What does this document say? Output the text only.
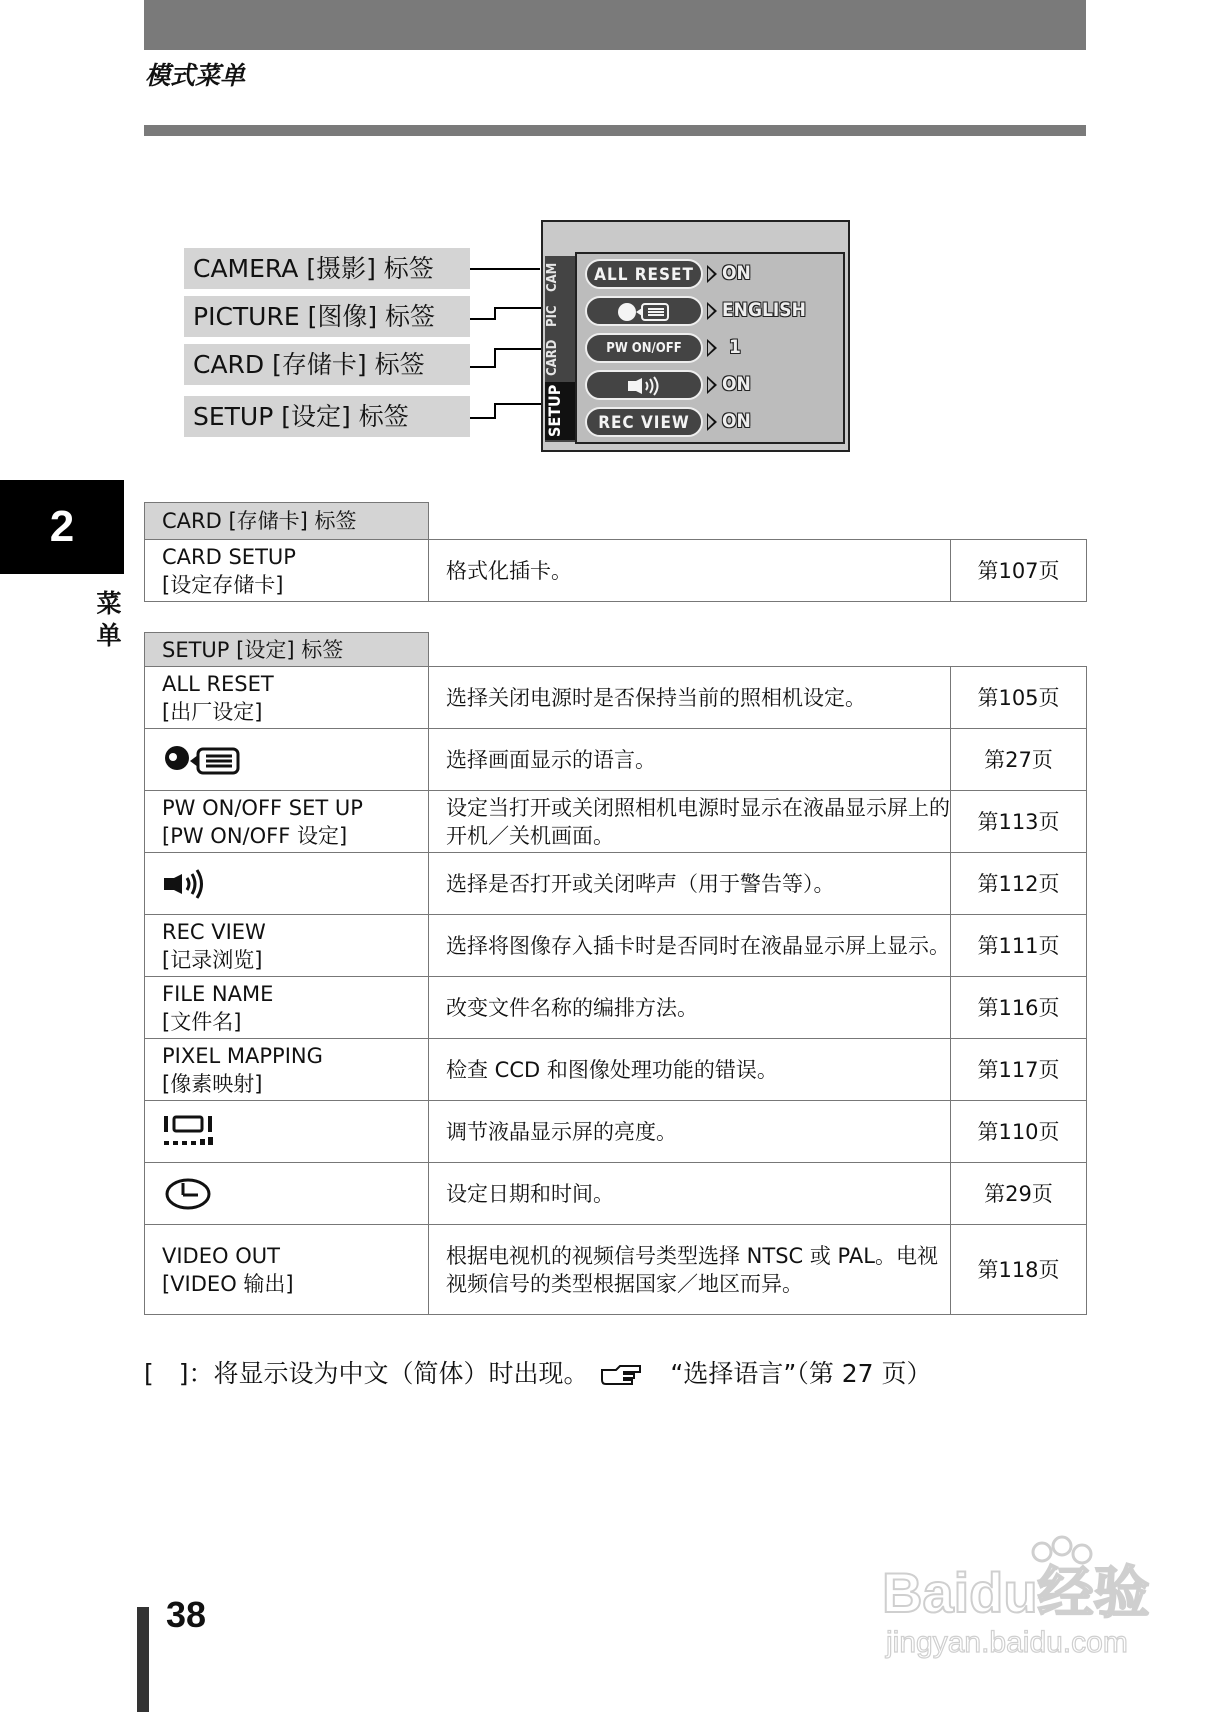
模式菜单
2
菜单
CAMERA [摄影] 标签
PICTURE [图像] 标签
CARD [存储卡] 标签
SETUP [设定] 标签
CAM
PIC
CARD
SETUP
ALL RESET	ON
ENGLISH
PW ON/OFF	1
ON
REC VIEW	ON
CARD [存储卡] 标签		

CARD SETUP
[设定存储卡]	格式化插卡。	第107页
SETUP [设定] 标签		

ALL RESET
[出厂设定]	选择关闭电源时是否保持当前的照相机设定。	第105页
	选择画面显示的语言。	第27页

PW ON/OFF SET UP
[PW ON/OFF 设定]	设定当打开或关闭照相机电源时显示在液晶显示屏上的开机／关机画面。	第113页
	选择是否打开或关闭哔声（用于警告等）。	第112页

REC VIEW
[记录浏览]	选择将图像存入插卡时是否同时在液晶显示屏上显示。	第111页

FILE NAME
[文件名]	改变文件名称的编排方法。	第116页

PIXEL MAPPING
[像素映射]	检查 CCD 和图像处理功能的错误。	第117页
	调节液晶显示屏的亮度。	第110页
	设定日期和时间。	第29页

VIDEO OUT
[VIDEO 输出]	根据电视机的视频信号类型选择 NTSC 或 PAL。电视视频信号的类型根据国家／地区而异。	第118页
[　]：将显示设为中文（简体）时出现。	“选择语言”（第 27 页）
38	Baidu经验
jingyan.baidu.com
